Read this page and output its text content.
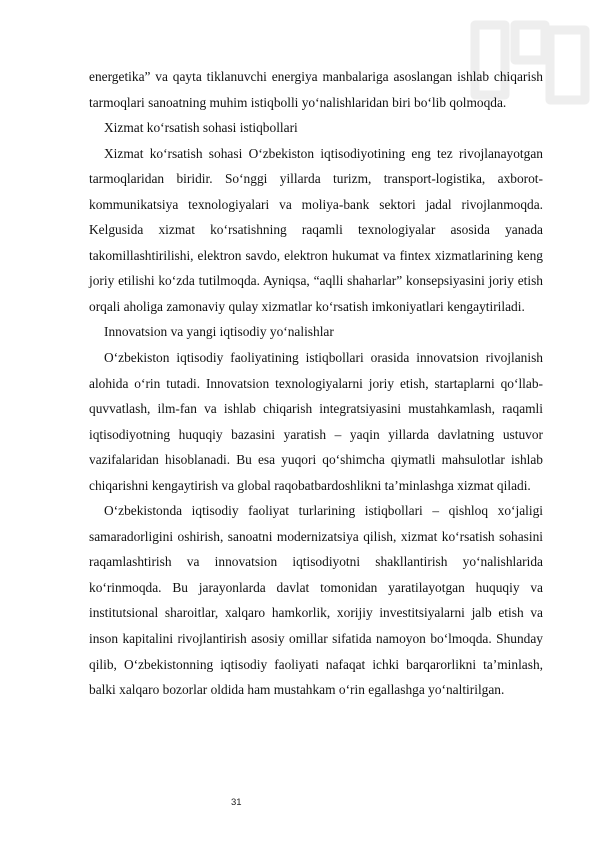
energetika” va qayta tiklanuvchi energiya manbalariga asoslangan ishlab chiqarish tarmoqlari sanoatning muhim istiqbolli yo‘nalishlaridan biri bo‘lib qolmoqda.

Xizmat ko‘rsatish sohasi istiqbollari

Xizmat ko‘rsatish sohasi O‘zbekiston iqtisodiyotining eng tez rivojlanayotgan tarmoqlaridan biridir. So‘nggi yillarda turizm, transport-logistika, axborot-kommunikatsiya texnologiyalari va moliya-bank sektori jadal rivojlanmoqda. Kelgusida xizmat ko‘rsatishning raqamli texnologiyalar asosida yanada takomillashtirilishi, elektron savdo, elektron hukumat va fintex xizmatlarining keng joriy etilishi ko‘zda tutilmoqda. Ayniqsa, “aqlli shaharlar” konsepsiyasini joriy etish orqali aholiga zamonaviy qulay xizmatlar ko‘rsatish imkoniyatlari kengaytiriladi.

Innovatsion va yangi iqtisodiy yo‘nalishlar

O‘zbekiston iqtisodiy faoliyatining istiqbollari orasida innovatsion rivojlanish alohida o‘rin tutadi. Innovatsion texnologiyalarni joriy etish, startaplarni qo‘llab-quvvatlash, ilm-fan va ishlab chiqarish integratsiyasini mustahkamlash, raqamli iqtisodiyotning huquqiy bazasini yaratish – yaqin yillarda davlatning ustuvor vazifalaridan hisoblanadi. Bu esa yuqori qo‘shimcha qiymatli mahsulotlar ishlab chiqarishni kengaytirish va global raqobatbardoshlikni ta’minlashga xizmat qiladi.

O‘zbekistonda iqtisodiy faoliyat turlarining istiqbollari – qishloq xo‘jaligi samaradorligini oshirish, sanoatni modernizatsiya qilish, xizmat ko‘rsatish sohasini raqamlashtirish va innovatsion iqtisodiyotni shakllantirish yo‘nalishlarida ko‘rinmoqda. Bu jarayonlarda davlat tomonidan yaratilayotgan huquqiy va institutsional sharoitlar, xalqaro hamkorlik, xorijiy investitsiyalarni jalb etish va inson kapitalini rivojlantirish asosiy omillar sifatida namoyon bo‘lmoqda. Shunday qilib, O‘zbekistonning iqtisodiy faoliyati nafaqat ichki barqarorlikni ta’minlash, balki xalqaro bozorlar oldida ham mustahkam o‘rin egallashga yo‘naltirilgan.

31
